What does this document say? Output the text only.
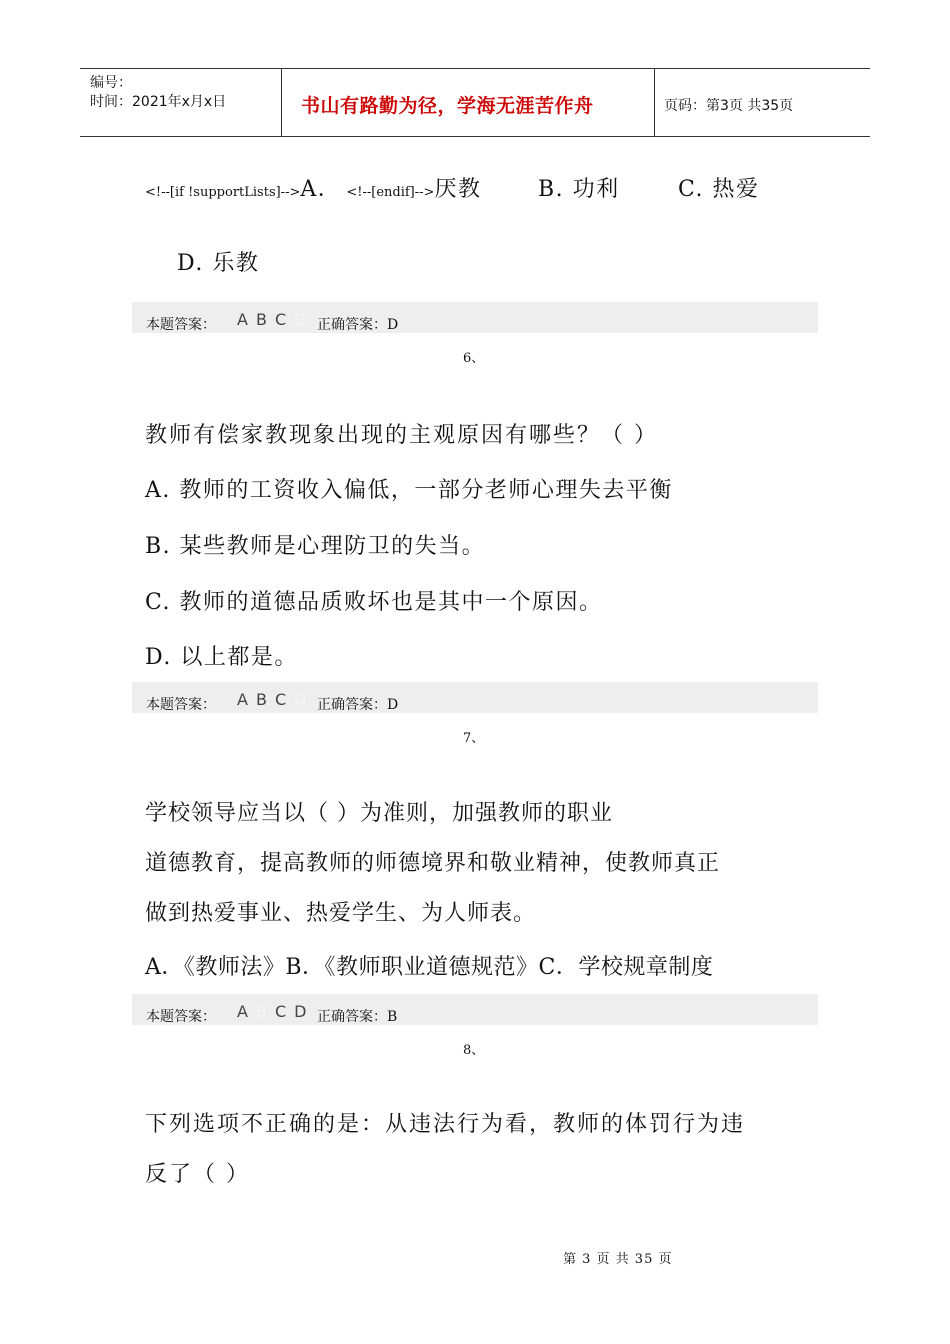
编号：
时间：2021年x月x日	书山有路勤为径，学海无涯苦作舟	页码：第3页 共35页
<!--[if !supportLists]-->A． <!--[endif]-->厌教	B. 功利	C. 热爱
D. 乐教
本题答案： A B C D 正确答案：D
6、
教师有偿家教现象出现的主观原因有哪些？（ ）
A. 教师的工资收入偏低，一部分老师心理失去平衡
B. 某些教师是心理防卫的失当。
C. 教师的道德品质败坏也是其中一个原因。
D. 以上都是。
本题答案： A B C D 正确答案：D
7、
学校领导应当以（ ）为准则，加强教师的职业
道德教育，提高教师的师德境界和敬业精神，使教师真正
做到热爱事业、热爱学生、为人师表。
A．《教师法》B．《教师职业道德规范》C．学校规章制度
本题答案： A B C D 正确答案：B
8、
下列选项不正确的是：从违法行为看，教师的体罚行为违
反了（ ）
第 3 页 共 35 页
